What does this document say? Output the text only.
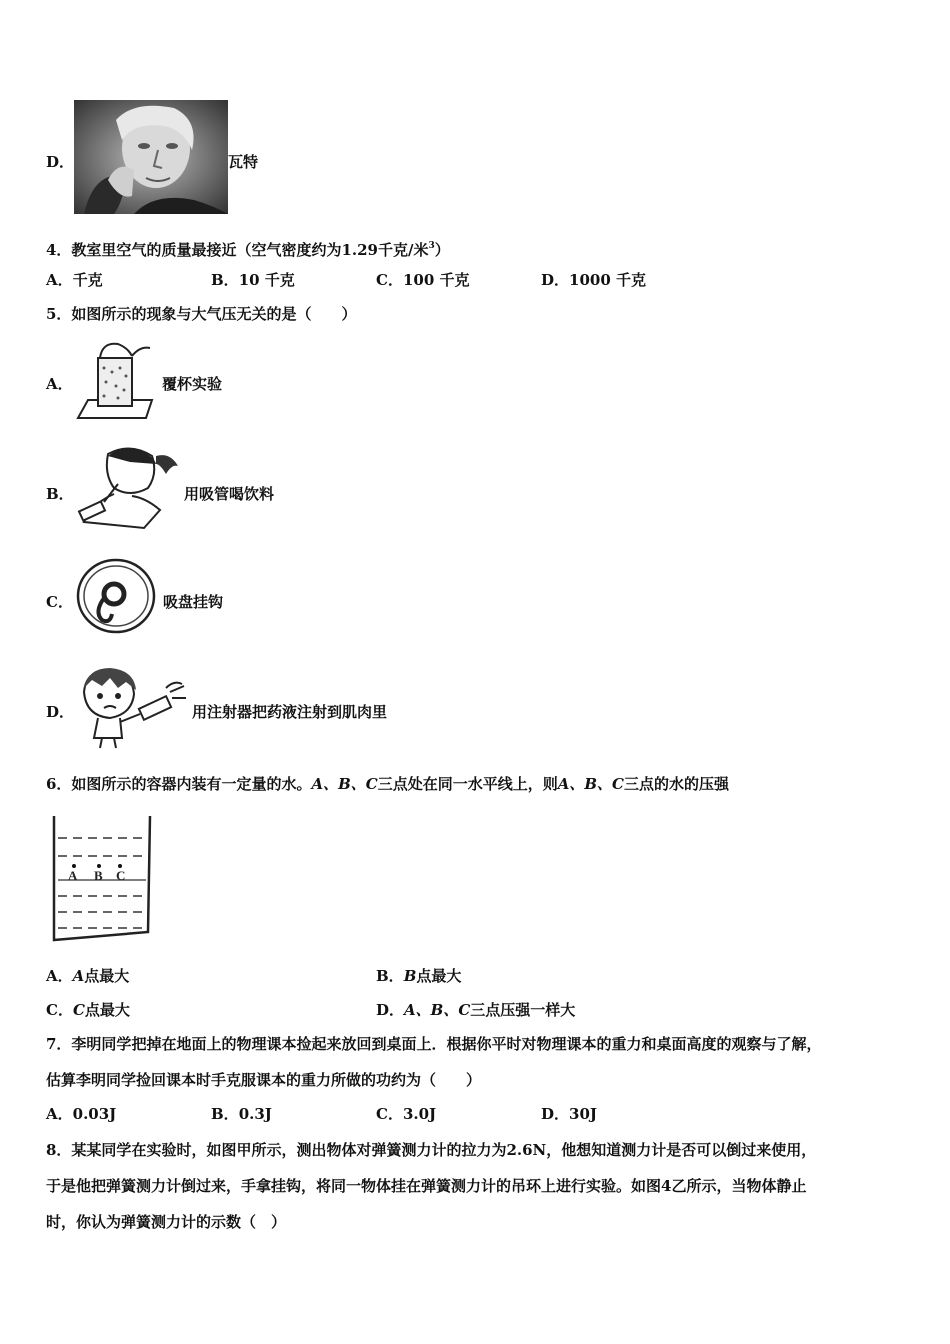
D．	瓦特
4．教室里空气的质量最接近（空气密度约为1.29千克/米$^3$）
A．千克	B．10 千克	C．100 千克	D．1000 千克
5．如图所示的现象与大气压无关的是（　　）
A．	覆杯实验
B．	用吸管喝饮料
C．	吸盘挂钩
D．	用注射器把药液注射到肌肉里
6．如图所示的容器内装有一定量的水。A、B、C三点处在同一水平线上，则A、B、C三点的水的压强
A B C
A．A点最大	B．B点最大
C．C点最大	D．A、B、C三点压强一样大
7．李明同学把掉在地面上的物理课本捡起来放回到桌面上．根据你平时对物理课本的重力和桌面高度的观察与了解，
估算李明同学捡回课本时手克服课本的重力所做的功约为（　　）
A．0.03J	B．0.3J	C．3.0J	D．30J
8．某某同学在实验时，如图甲所示，测出物体对弹簧测力计的拉力为2.6N，他想知道测力计是否可以倒过来使用，
于是他把弹簧测力计倒过来，手拿挂钩，将同一物体挂在弹簧测力计的吊环上进行实验。如图4乙所示，当物体静止
时，你认为弹簧测力计的示数（　）
